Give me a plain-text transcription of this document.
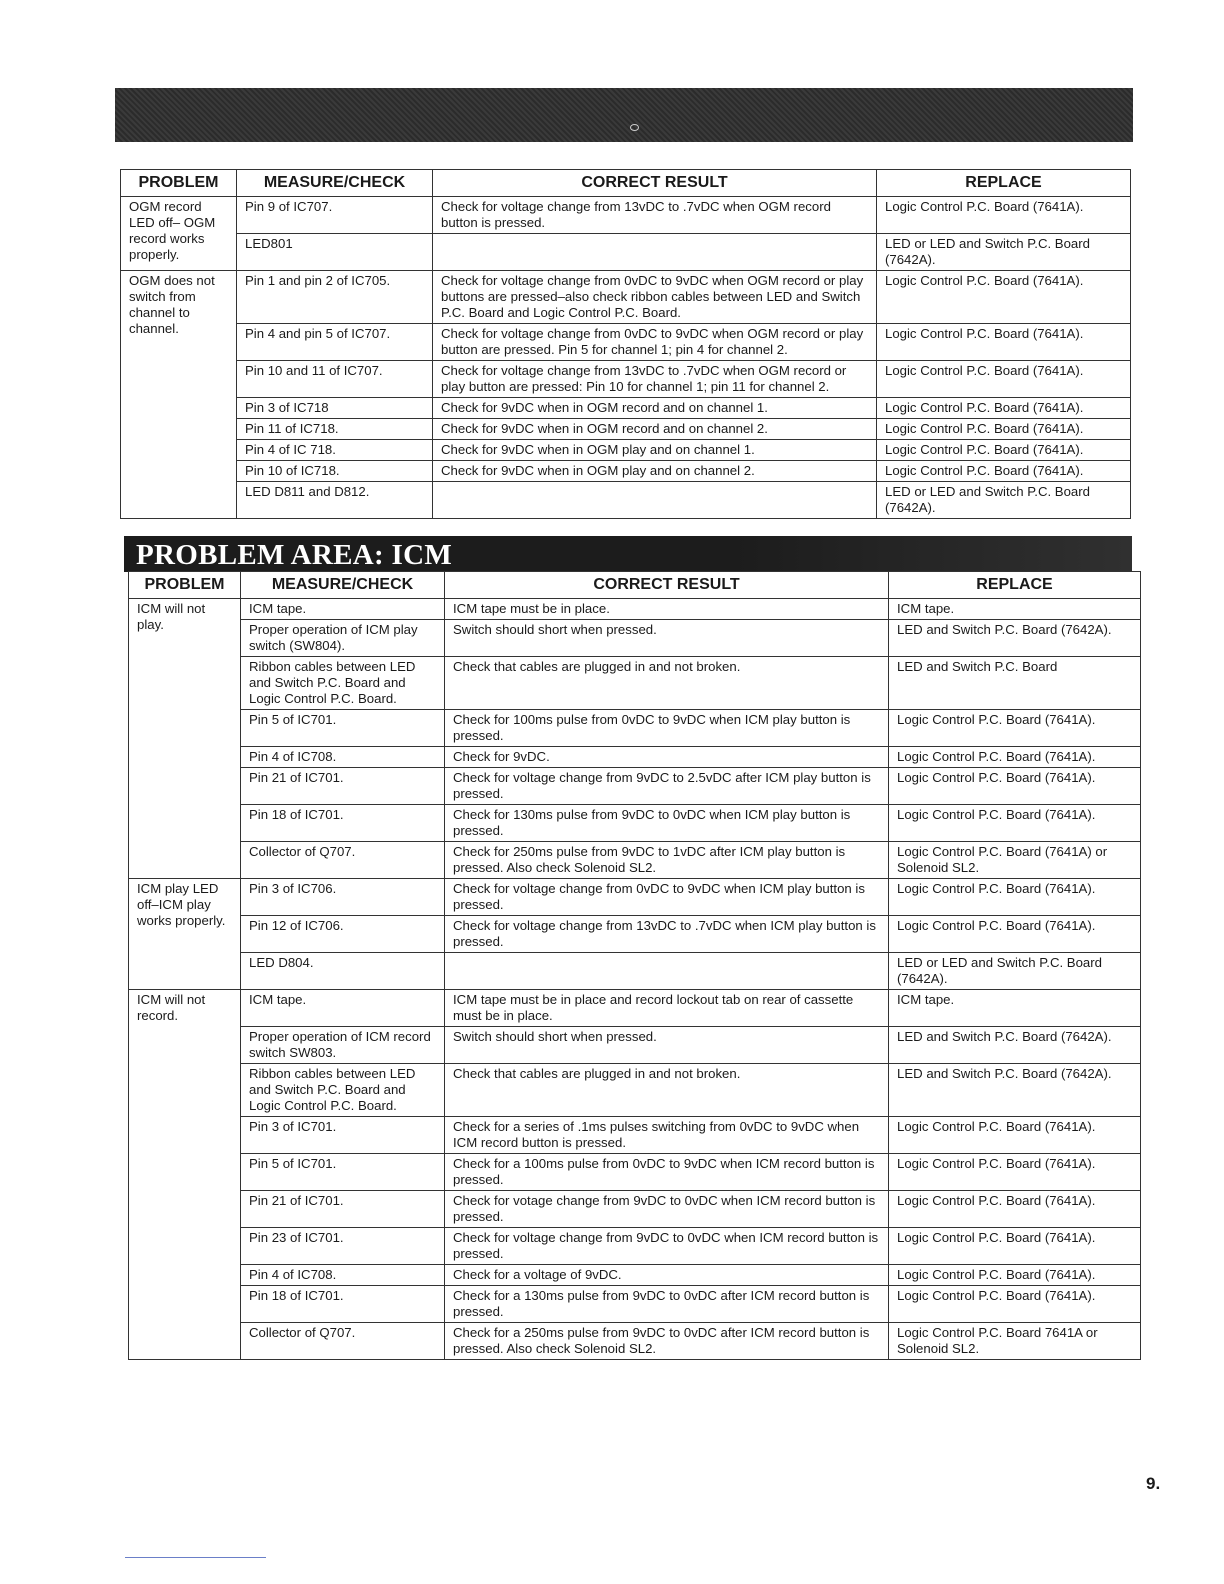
PROBLEM	MEASURE/CHECK	CORRECT RESULT	REPLACE
OGM record LED off– OGM record works properly.	Pin 9 of IC707.	Check for voltage change from 13vDC to .7vDC when OGM record button is pressed.	Logic Control P.C. Board (7641A).
	LED801		LED or LED and Switch P.C. Board (7642A).
OGM does not switch from channel to channel.	Pin 1 and pin 2 of IC705.	Check for voltage change from 0vDC to 9vDC when OGM record or play buttons are pressed–also check ribbon cables between LED and Switch P.C. Board and Logic Control P.C. Board.	Logic Control P.C. Board (7641A).
	Pin 4 and pin 5 of IC707.	Check for voltage change from 0vDC to 9vDC when OGM record or play button are pressed. Pin 5 for channel 1; pin 4 for channel 2.	Logic Control P.C. Board (7641A).
	Pin 10 and 11 of IC707.	Check for voltage change from 13vDC to .7vDC when OGM record or play button are pressed: Pin 10 for channel 1; pin 11 for channel 2.	Logic Control P.C. Board (7641A).
	Pin 3 of IC718	Check for 9vDC when in OGM record and on channel 1.	Logic Control P.C. Board (7641A).
	Pin 11 of IC718.	Check for 9vDC when in OGM record and on channel 2.	Logic Control P.C. Board (7641A).
	Pin 4 of IC 718.	Check for 9vDC when in OGM play and on channel 1.	Logic Control P.C. Board (7641A).
	Pin 10 of IC718.	Check for 9vDC when in OGM play and on channel 2.	Logic Control P.C. Board (7641A).
	LED D811 and D812.		LED or LED and Switch P.C. Board (7642A).
PROBLEM AREA: ICM
PROBLEM	MEASURE/CHECK	CORRECT RESULT	REPLACE
ICM will not play.	ICM tape.	ICM tape must be in place.	ICM tape.
	Proper operation of ICM play switch (SW804).	Switch should short when pressed.	LED and Switch P.C. Board (7642A).
	Ribbon cables between LED and Switch P.C. Board and Logic Control P.C. Board.	Check that cables are plugged in and not broken.	LED and Switch P.C. Board
	Pin 5 of IC701.	Check for 100ms pulse from 0vDC to 9vDC when ICM play button is pressed.	Logic Control P.C. Board (7641A).
	Pin 4 of IC708.	Check for 9vDC.	Logic Control P.C. Board (7641A).
	Pin 21 of IC701.	Check for voltage change from 9vDC to 2.5vDC after ICM play button is pressed.	Logic Control P.C. Board (7641A).
	Pin 18 of IC701.	Check for 130ms pulse from 9vDC to 0vDC when ICM play button is pressed.	Logic Control P.C. Board (7641A).
	Collector of Q707.	Check for 250ms pulse from 9vDC to 1vDC after ICM play button is pressed. Also check Solenoid SL2.	Logic Control P.C. Board (7641A) or Solenoid SL2.
ICM play LED off–ICM play works properly.	Pin 3 of IC706.	Check for voltage change from 0vDC to 9vDC when ICM play button is pressed.	Logic Control P.C. Board (7641A).
	Pin 12 of IC706.	Check for voltage change from 13vDC to .7vDC when ICM play button is pressed.	Logic Control P.C. Board (7641A).
	LED D804.		LED or LED and Switch P.C. Board (7642A).
ICM will not record.	ICM tape.	ICM tape must be in place and record lockout tab on rear of cassette must be in place.	ICM tape.
	Proper operation of ICM record switch SW803.	Switch should short when pressed.	LED and Switch P.C. Board (7642A).
	Ribbon cables between LED and Switch P.C. Board and Logic Control P.C. Board.	Check that cables are plugged in and not broken.	LED and Switch P.C. Board (7642A).
	Pin 3 of IC701.	Check for a series of .1ms pulses switching from 0vDC to 9vDC when ICM record button is pressed.	Logic Control P.C. Board (7641A).
	Pin 5 of IC701.	Check for a 100ms pulse from 0vDC to 9vDC when ICM record button is pressed.	Logic Control P.C. Board (7641A).
	Pin 21 of IC701.	Check for votage change from 9vDC to 0vDC when ICM record button is pressed.	Logic Control P.C. Board (7641A).
	Pin 23 of IC701.	Check for voltage change from 9vDC to 0vDC when ICM record button is pressed.	Logic Control P.C. Board (7641A).
	Pin 4 of IC708.	Check for a voltage of 9vDC.	Logic Control P.C. Board (7641A).
	Pin 18 of IC701.	Check for a 130ms pulse from 9vDC to 0vDC after ICM record button is pressed.	Logic Control P.C. Board (7641A).
	Collector of Q707.	Check for a 250ms pulse from 9vDC to 0vDC after ICM record button is pressed. Also check Solenoid SL2.	Logic Control P.C. Board 7641A or Solenoid SL2.
9.
